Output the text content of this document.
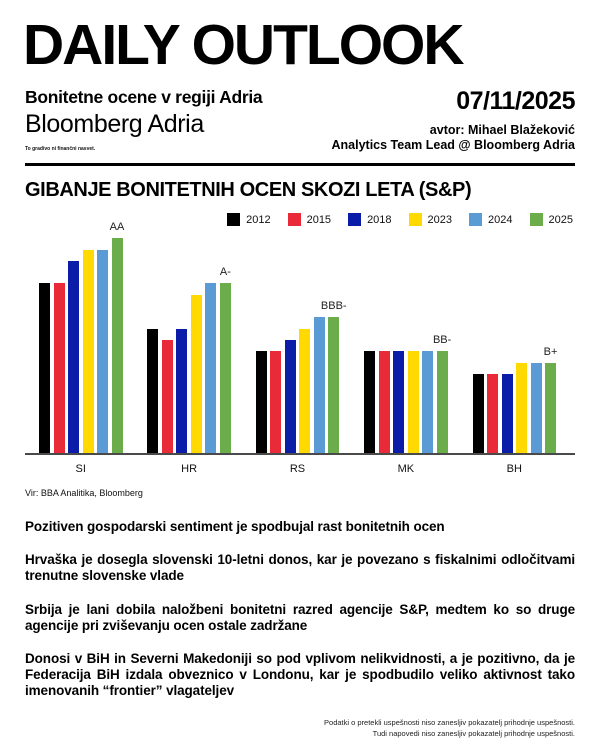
DAILY OUTLOOK
Bonitetne ocene v regiji Adria
Bloomberg Adria
To gradivo ni finančni nasvet.
07/11/2025
avtor: Mihael Blažeković
Analytics Team Lead @ Bloomberg Adria
GIBANJE BONITETNIH OCEN SKOZI LETA (S&P)
2012	2015	2018	2023	2024	2025
AA
SI
A-
HR
BBB-
RS
BB-
MK
B+
BH
Vir: BBA Analitika, Bloomberg

Pozitiven gospodarski sentiment je spodbujal rast bonitetnih ocen

Hrvaška je dosegla slovenski 10-letni donos, kar je povezano s fiskalnimi odločitvami trenutne slovenske vlade

Srbija je lani dobila naložbeni bonitetni razred agencije S&P, medtem ko so druge agencije pri zviševanju ocen ostale zadržane

Donosi v BiH in Severni Makedoniji so pod vplivom nelikvidnosti, a je pozitivno, da je Federacija BiH izdala obveznico v Londonu, kar je spodbudilo veliko aktivnost tako imenovanih “frontier” vlagateljev

Podatki o pretekli uspešnosti niso zanesljiv pokazatelj prihodnje uspešnosti.
Tudi napovedi niso zanesljiv pokazatelj prihodnje uspešnosti.
